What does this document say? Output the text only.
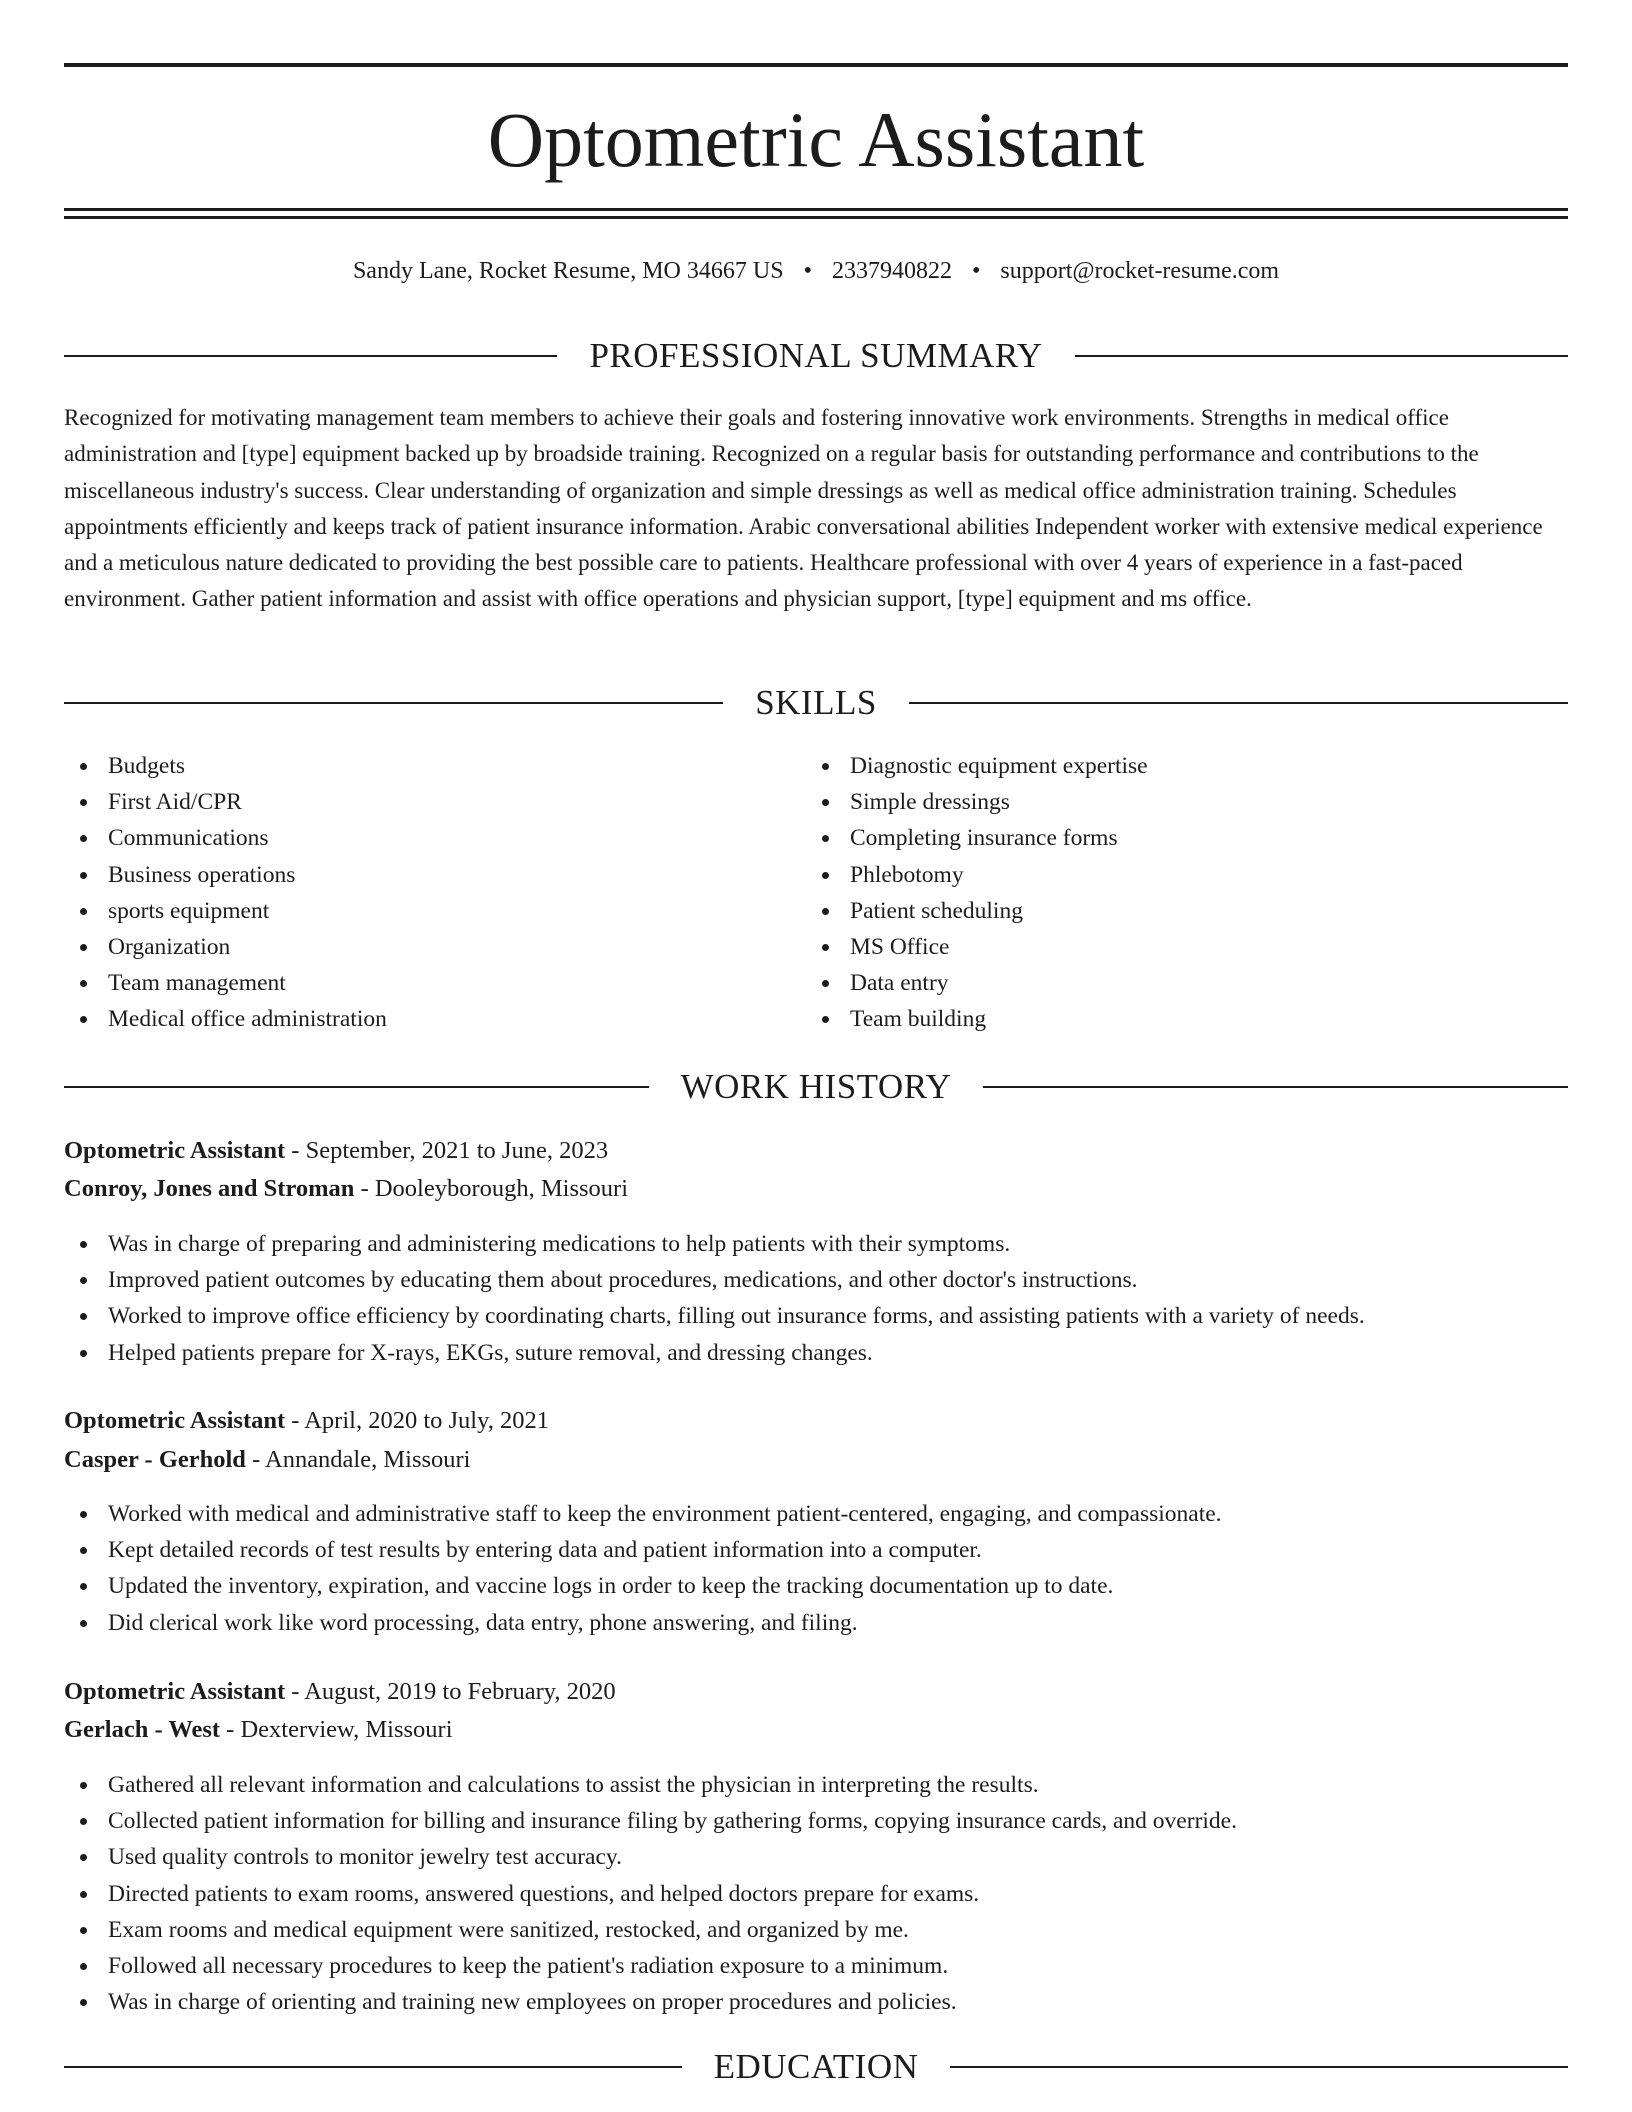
Optometric Assistant
Sandy Lane, Rocket Resume, MO 34667 US • 2337940822 • support@rocket-resume.com
PROFESSIONAL SUMMARY

Recognized for motivating management team members to achieve their goals and fostering innovative work environments. Strengths in medical office administration and [type] equipment backed up by broadside training. Recognized on a regular basis for outstanding performance and contributions to the miscellaneous industry's success. Clear understanding of organization and simple dressings as well as medical office administration training. Schedules appointments efficiently and keeps track of patient insurance information. Arabic conversational abilities Independent worker with extensive medical experience and a meticulous nature dedicated to providing the best possible care to patients. Healthcare professional with over 4 years of experience in a fast-paced environment. Gather patient information and assist with office operations and physician support, [type] equipment and ms office.

SKILLS
Budgets
First Aid/CPR
Communications
Business operations
sports equipment
Organization
Team management
Medical office administration
Diagnostic equipment expertise
Simple dressings
Completing insurance forms
Phlebotomy
Patient scheduling
MS Office
Data entry
Team building
WORK HISTORY
Optometric Assistant - September, 2021 to June, 2023
Conroy, Jones and Stroman - Dooleyborough, Missouri
Was in charge of preparing and administering medications to help patients with their symptoms.
Improved patient outcomes by educating them about procedures, medications, and other doctor's instructions.
Worked to improve office efficiency by coordinating charts, filling out insurance forms, and assisting patients with a variety of needs.
Helped patients prepare for X-rays, EKGs, suture removal, and dressing changes.
Optometric Assistant - April, 2020 to July, 2021
Casper - Gerhold - Annandale, Missouri
Worked with medical and administrative staff to keep the environment patient-centered, engaging, and compassionate.
Kept detailed records of test results by entering data and patient information into a computer.
Updated the inventory, expiration, and vaccine logs in order to keep the tracking documentation up to date.
Did clerical work like word processing, data entry, phone answering, and filing.
Optometric Assistant - August, 2019 to February, 2020
Gerlach - West - Dexterview, Missouri
Gathered all relevant information and calculations to assist the physician in interpreting the results.
Collected patient information for billing and insurance filing by gathering forms, copying insurance cards, and override.
Used quality controls to monitor jewelry test accuracy.
Directed patients to exam rooms, answered questions, and helped doctors prepare for exams.
Exam rooms and medical equipment were sanitized, restocked, and organized by me.
Followed all necessary procedures to keep the patient's radiation exposure to a minimum.
Was in charge of orienting and training new employees on proper procedures and policies.
EDUCATION
